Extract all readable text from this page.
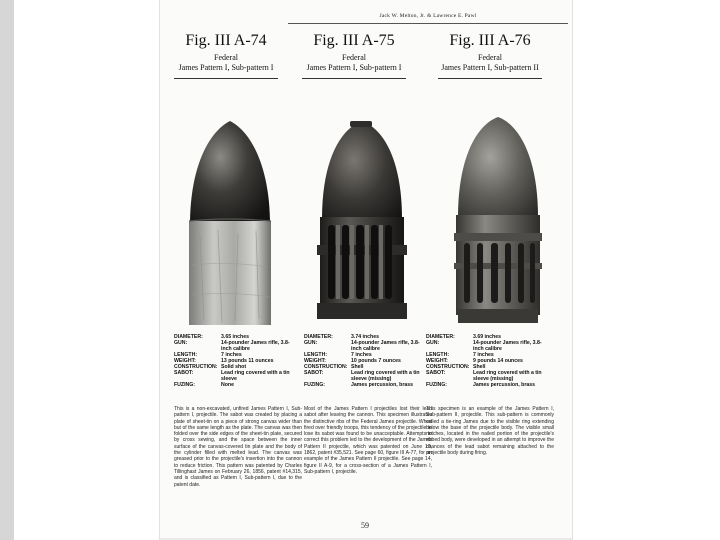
Jack W. Melton, Jr. & Lawrence E. Pawl
Fig. III A-74
Federal
James Pattern I, Sub-pattern I
Fig. III A-75
Federal
James Pattern I, Sub-pattern I
Fig. III A-76
Federal
James Pattern I, Sub-pattern II
DIAMETER:	3.65 inches
GUN:	14-pounder James rifle, 3.8-inch calibre
LENGTH:	7 inches
WEIGHT:	13 pounds 11 ounces
CONSTRUCTION: Solid shot
SABOT:	Lead ring covered with a tin sleeve
FUZING:	None
DIAMETER:	3.74 inches
GUN:	14-pounder James rifle, 3.8-inch calibre
LENGTH:	7 inches
WEIGHT:	10 pounds 7 ounces
CONSTRUCTION: Shell
SABOT:	Lead ring covered with a tin sleeve (missing)
FUZING:	James percussion, brass
DIAMETER:	3.69 inches
GUN:	14-pounder James rifle, 3.8-inch calibre
LENGTH:	7 inches
WEIGHT:	9 pounds 14 ounces
CONSTRUCTION: Shell
SABOT:	Lead ring covered with a tin sleeve (missing)
FUZING:	James percussion, brass

This is a non-excavated, unfired James Pattern I, Sub-pattern I, projectile. The sabot was created by placing a plate of sheet-tin on a piece of strong canvas wider than but of the same length as the plate. The canvas was then folded over the side edges of the sheet-tin plate, secured by cross sewing, and the space between the inner surface of the canvas-covered tin plate and the body of the cylinder filled with melted lead. The canvas was greased prior to the projectile's insertion into the cannon to reduce friction. This pattern was patented by Charles Tillinghast James on February 26, 1856, patent #14,315, and is classified as Pattern I, Sub-pattern I, due to the patent date.

Most of the James Pattern I projectiles lost their lead sabot after leaving the cannon. This specimen illustrates the distinctive ribs of the Federal James projectile. When fired over friendly troops, this tendency of the projectile to lose its sabot was found to be unacceptable. Attempts to correct this problem led to the development of the James Pattern II projectile, which was patented on June 10, 1862, patent #35,521. See page 60, figure III A-77, for an example of the James Pattern II projectile. See page 14, figure II A-9, for a cross-section of a James Pattern I, Sub-pattern I, projectile.

This specimen is an example of the James Pattern I, Sub-pattern II, projectile. This sub-pattern is commonly called a tie-ring James due to the visible ring extending below the base of the projectile body. The visible small notches, located in the nailed portion of the projectile's ribbed body, were developed in an attempt to improve the chances of the lead sabot remaining attached to the projectile body during firing.

59
